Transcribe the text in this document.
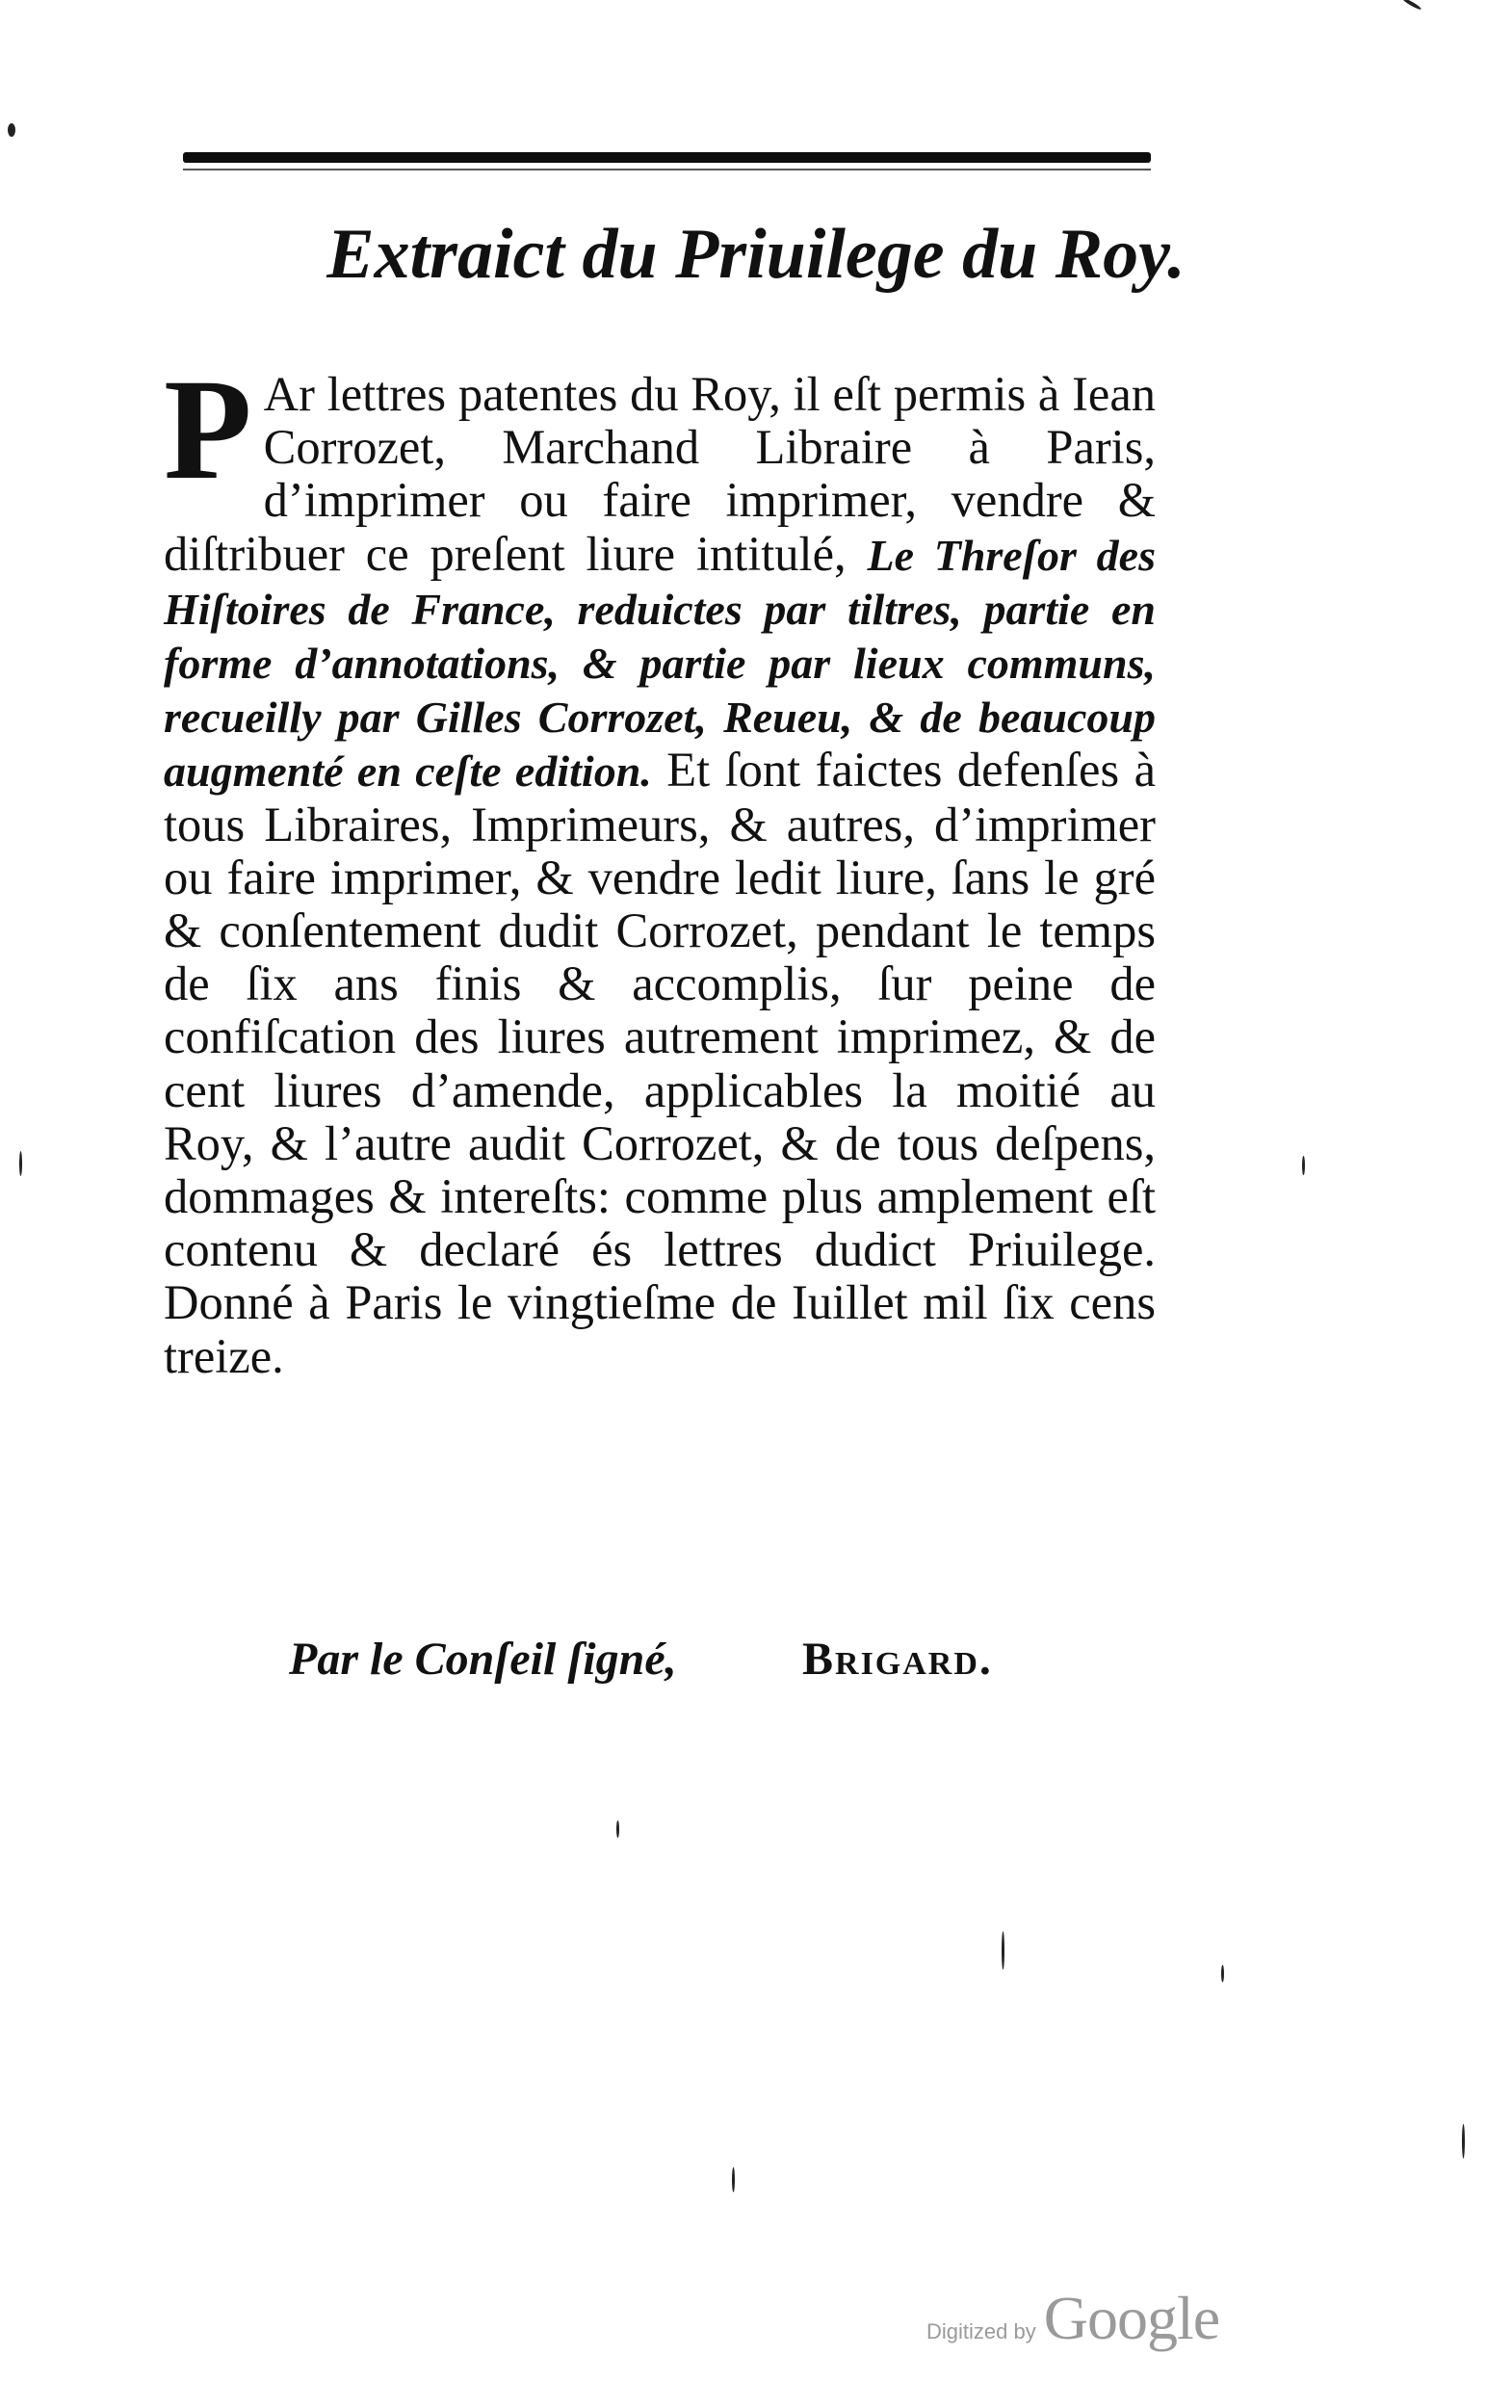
Extraict du Priuilege du Roy.
P Ar lettres patentes du Roy, il eſt permis à Iean Corrozet, Marchand Libraire à Paris, d’imprimer ou faire imprimer, vendre & diſtribuer ce preſent liure intitulé, Le Threſor des Hiſtoires de France, reduictes par tiltres, partie en forme d’annotations, & partie par lieux communs, recueilly par Gilles Corrozet, Reueu, & de beaucoup augmenté en ceſte edition. Et ſont faictes defenſes à tous Libraires, Imprimeurs, & autres, d’imprimer ou faire imprimer, & vendre ledit liure, ſans le gré & conſentement dudit Corrozet, pendant le temps de ſix ans finis & accomplis, ſur peine de confiſcation des liures autrement imprimez, & de cent liures d’amende, applicables la moitié au Roy, & l’autre audit Corrozet, & de tous deſpens, dommages & intereſts: comme plus amplement eſt contenu & declaré és lettres dudict Priuilege. Donné à Paris le vingtieſme de Iuillet mil ſix cens treize.
Par le Conſeil ſigné,	Brigard.
Digitized by Google
